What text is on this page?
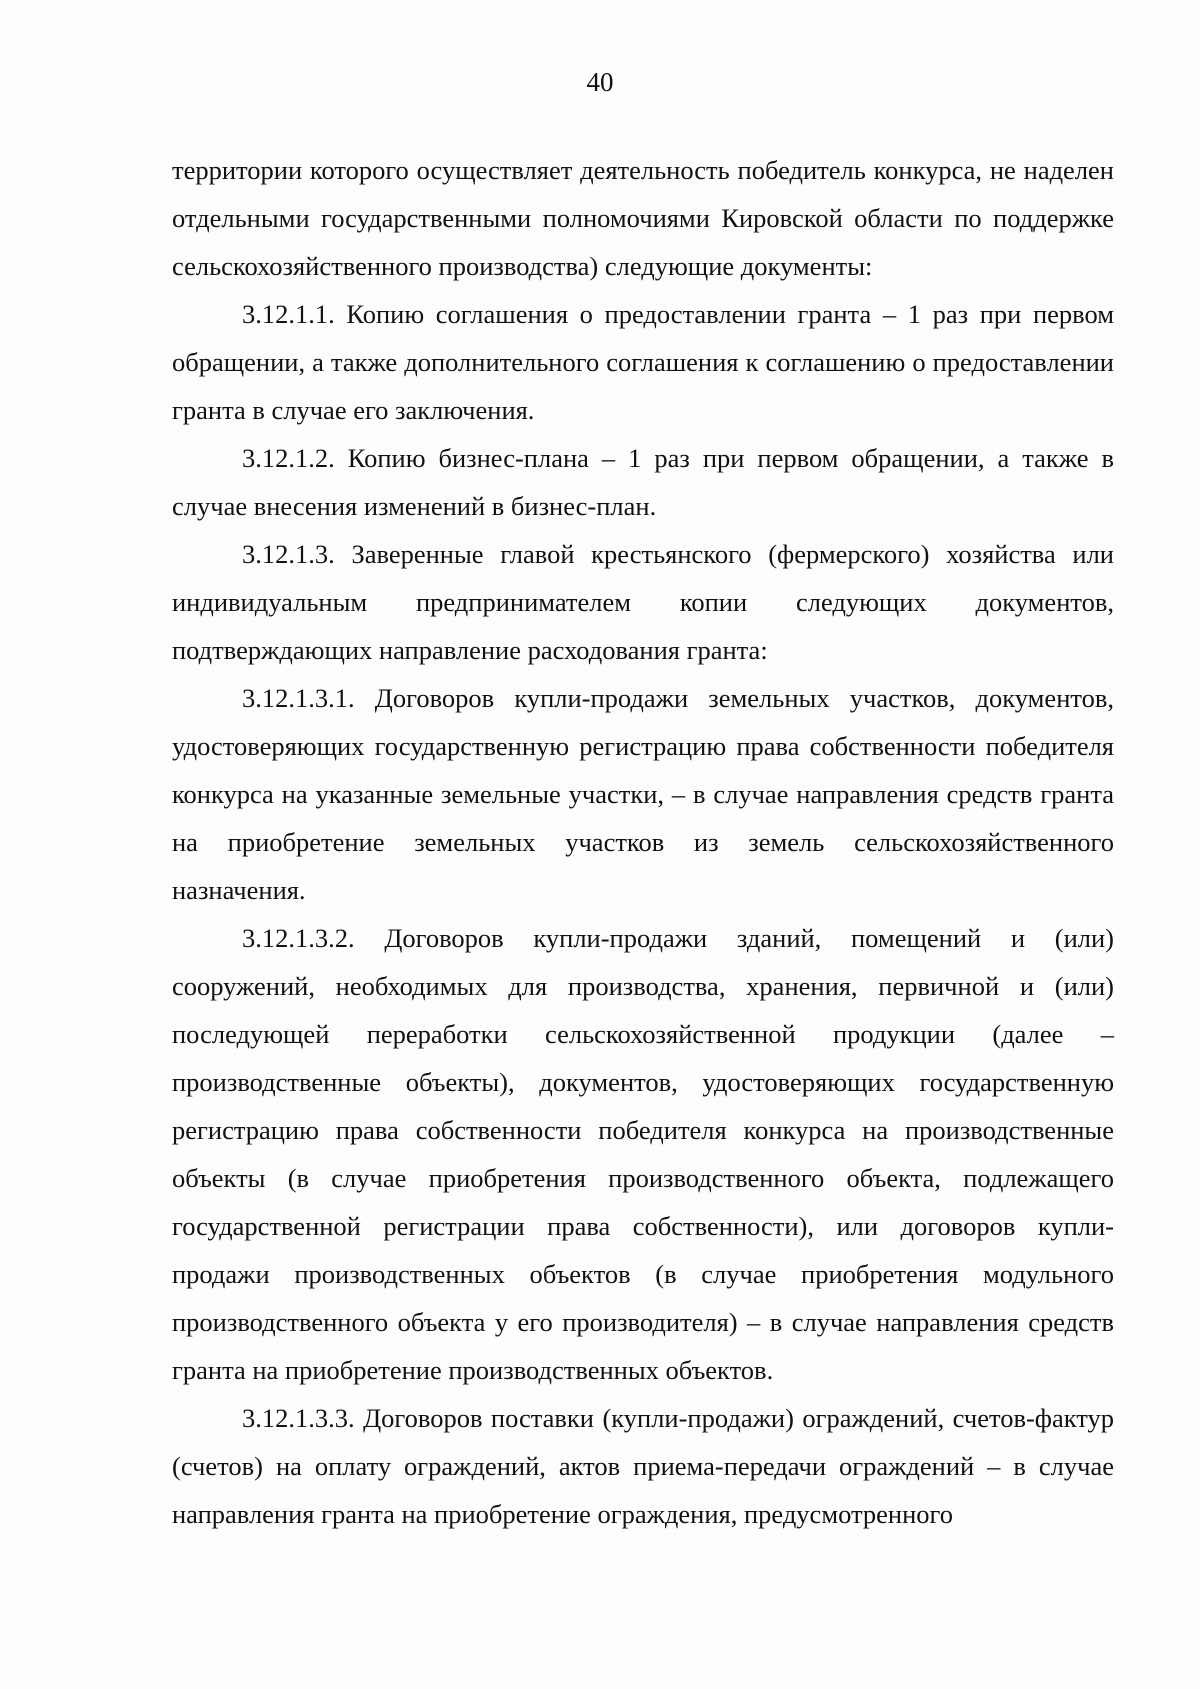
40

территории которого осуществляет деятельность победитель конкурса, не наделен отдельными государственными полномочиями Кировской области по поддержке сельскохозяйственного производства) следующие документы:

3.12.1.1. Копию соглашения о предоставлении гранта – 1 раз при первом обращении, а также дополнительного соглашения к соглашению о предоставлении гранта в случае его заключения.

3.12.1.2. Копию бизнес-плана – 1 раз при первом обращении, а также в случае внесения изменений в бизнес-план.

3.12.1.3. Заверенные главой крестьянского (фермерского) хозяйства или индивидуальным предпринимателем копии следующих документов, подтверждающих направление расходования гранта:

3.12.1.3.1. Договоров купли-продажи земельных участков, документов, удостоверяющих государственную регистрацию права собственности победителя конкурса на указанные земельные участки, – в случае направления средств гранта на приобретение земельных участков из земель сельскохозяйственного назначения.

3.12.1.3.2. Договоров купли-продажи зданий, помещений и (или) сооружений, необходимых для производства, хранения, первичной и (или) последующей переработки сельскохозяйственной продукции (далее – производственные объекты), документов, удостоверяющих государственную регистрацию права собственности победителя конкурса на производственные объекты (в случае приобретения производственного объекта, подлежащего государственной регистрации права собственности), или договоров купли-продажи производственных объектов (в случае приобретения модульного производственного объекта у его производителя) – в случае направления средств гранта на приобретение производственных объектов.

3.12.1.3.3. Договоров поставки (купли-продажи) ограждений, счетов-фактур (счетов) на оплату ограждений, актов приема-передачи ограждений – в случае направления гранта на приобретение ограждения, предусмотренного
